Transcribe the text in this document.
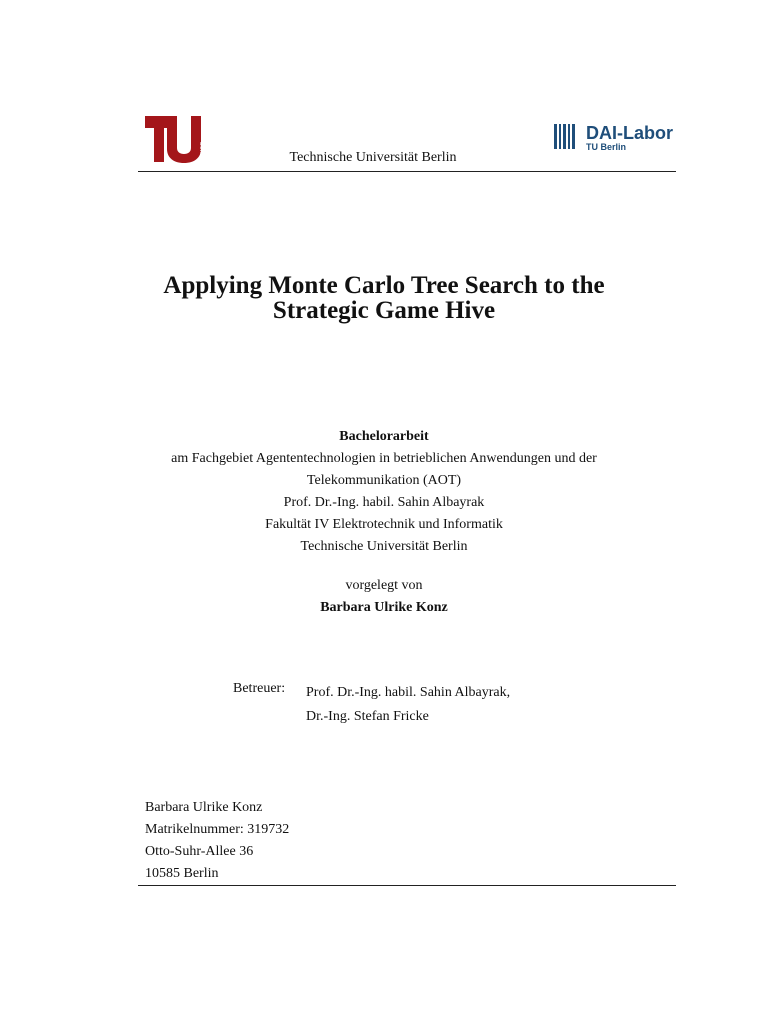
berlin
DAI-Labor
TU Berlin
Technische Universität Berlin
Applying Monte Carlo Tree Search to the
Strategic Game Hive
Bachelorarbeit
am Fachgebiet Agententechnologien in betrieblichen Anwendungen und der
Telekommunikation (AOT)
Prof. Dr.-Ing. habil. Sahin Albayrak
Fakultät IV Elektrotechnik und Informatik
Technische Universität Berlin
vorgelegt von
Barbara Ulrike Konz
Betreuer: Prof. Dr.-Ing. habil. Sahin Albayrak,
Dr.-Ing. Stefan Fricke
Barbara Ulrike Konz
Matrikelnummer: 319732
Otto-Suhr-Allee 36
10585 Berlin
